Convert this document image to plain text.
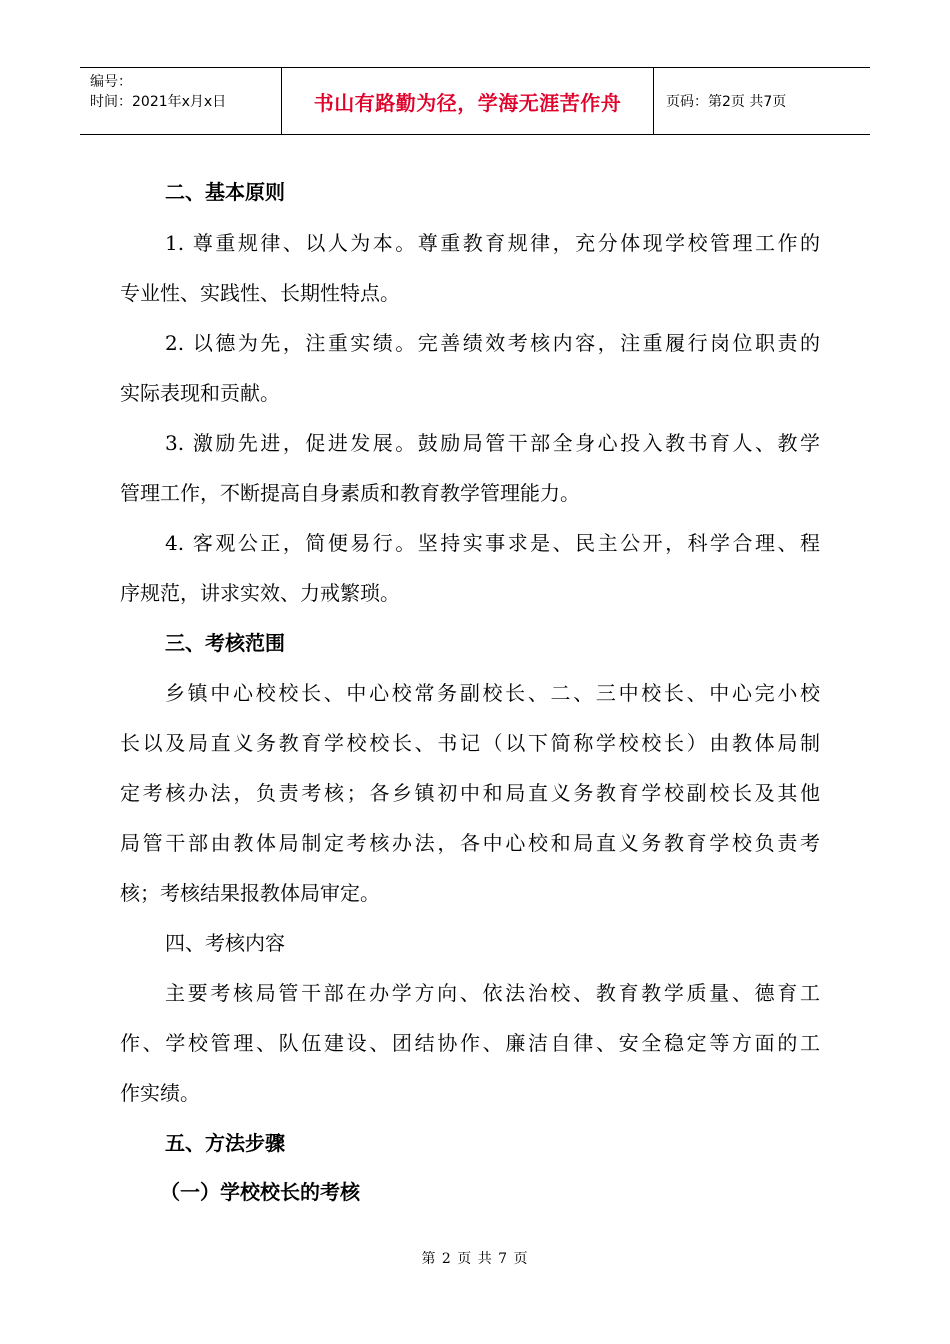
编号：
时间：2021年x月x日	书山有路勤为径，学海无涯苦作舟	页码：第2页 共7页
二、基本原则
1. 尊重规律、以人为本。尊重教育规律，充分体现学校管理工作的
专业性、实践性、长期性特点。
2. 以德为先，注重实绩。完善绩效考核内容，注重履行岗位职责的
实际表现和贡献。
3. 激励先进，促进发展。鼓励局管干部全身心投入教书育人、教学
管理工作，不断提高自身素质和教育教学管理能力。
4. 客观公正，简便易行。坚持实事求是、民主公开，科学合理、程
序规范，讲求实效、力戒繁琐。
三、考核范围
乡镇中心校校长、中心校常务副校长、二、三中校长、中心完小校
长以及局直义务教育学校校长、书记（以下简称学校校长）由教体局制
定考核办法，负责考核；各乡镇初中和局直义务教育学校副校长及其他
局管干部由教体局制定考核办法，各中心校和局直义务教育学校负责考
核；考核结果报教体局审定。
四、考核内容
主要考核局管干部在办学方向、依法治校、教育教学质量、德育工
作、学校管理、队伍建设、团结协作、廉洁自律、安全稳定等方面的工
作实绩。
五、方法步骤
（一）学校校长的考核
第 2 页 共 7 页
